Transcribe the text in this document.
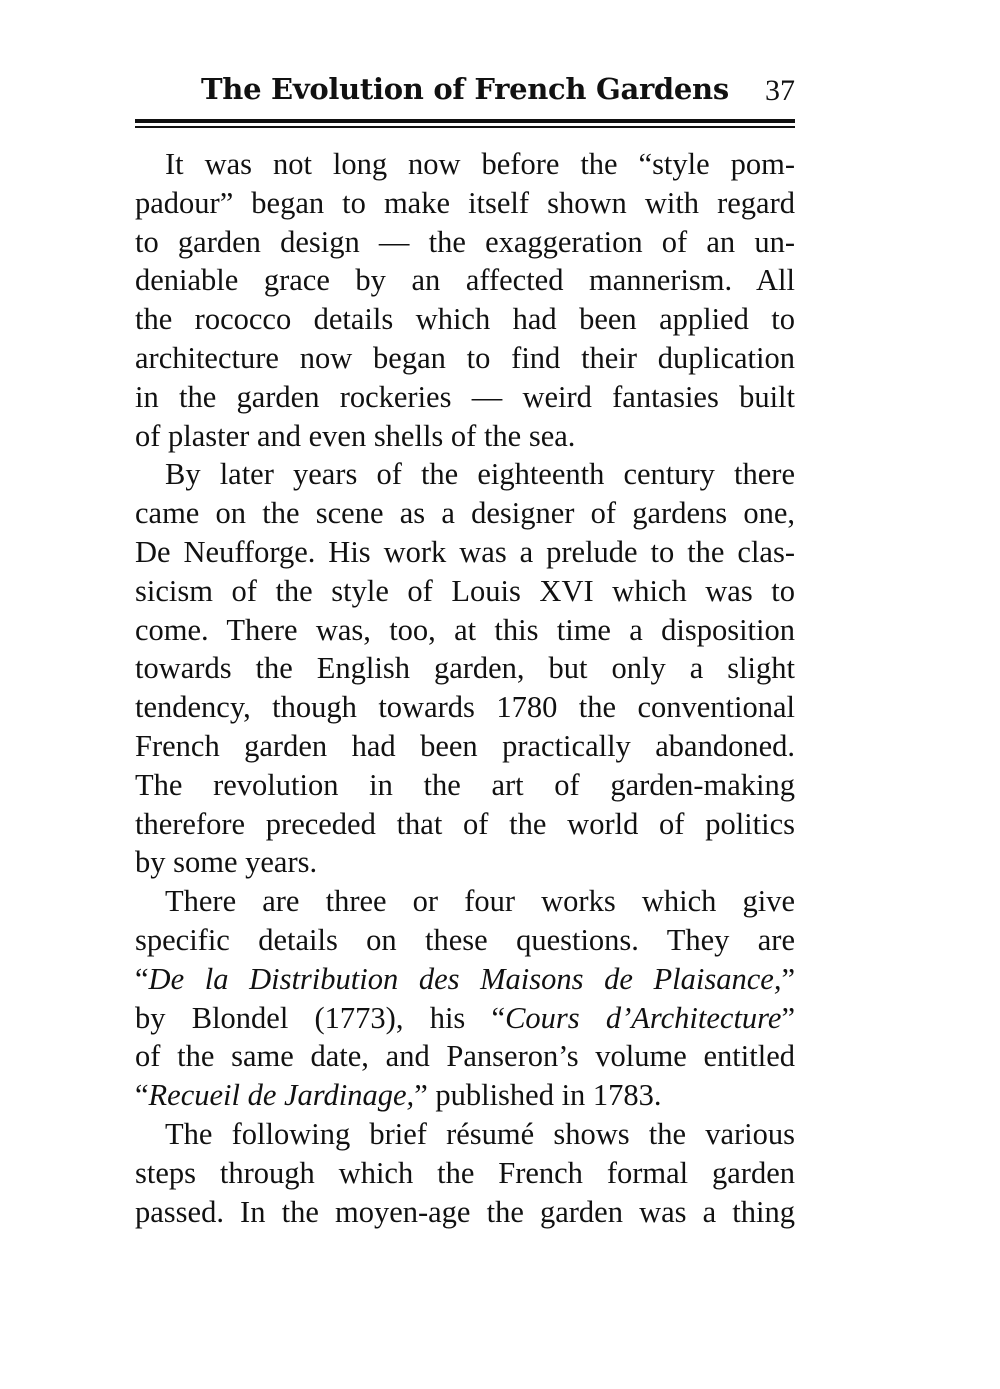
The Evolution of French Gardens 37
It was not long now before the “style pom-
padour” began to make itself shown with regard
to garden design — the exaggeration of an un-
deniable grace by an affected mannerism. All
the rococco details which had been applied to
architecture now began to find their duplication
in the garden rockeries — weird fantasies built
of plaster and even shells of the sea.
By later years of the eighteenth century there
came on the scene as a designer of gardens one,
De Neufforge. His work was a prelude to the clas-
sicism of the style of Louis XVI which was to
come. There was, too, at this time a disposition
towards the English garden, but only a slight
tendency, though towards 1780 the conventional
French garden had been practically abandoned.
The revolution in the art of garden-making
therefore preceded that of the world of politics
by some years.
There are three or four works which give
specific details on these questions. They are
“De la Distribution des Maisons de Plaisance,”
by Blondel (1773), his “Cours d’Architecture”
of the same date, and Panseron’s volume entitled
“Recueil de Jardinage,” published in 1783.
The following brief résumé shows the various
steps through which the French formal garden
passed. In the moyen-age the garden was a thing
